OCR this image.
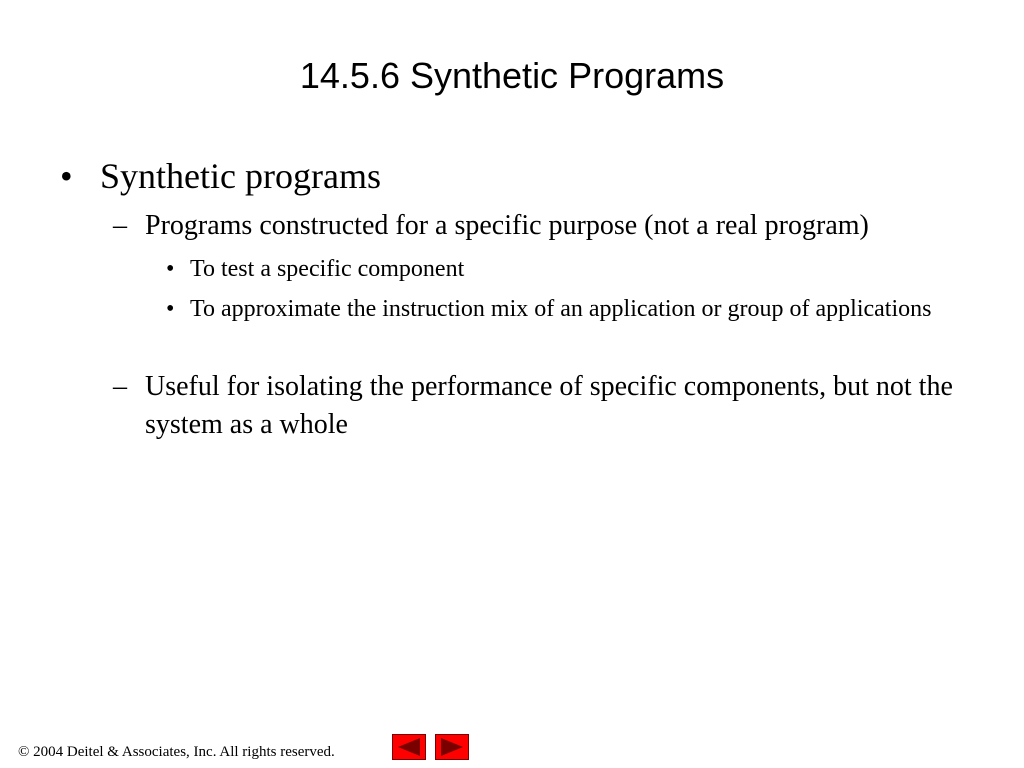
14.5.6 Synthetic Programs
• Synthetic programs
– Programs constructed for a specific purpose (not a real program)
• To test a specific component
• To approximate the instruction mix of an application or group of applications
– Useful for isolating the performance of specific components, but not the system as a whole
© 2004 Deitel & Associates, Inc. All rights reserved.
